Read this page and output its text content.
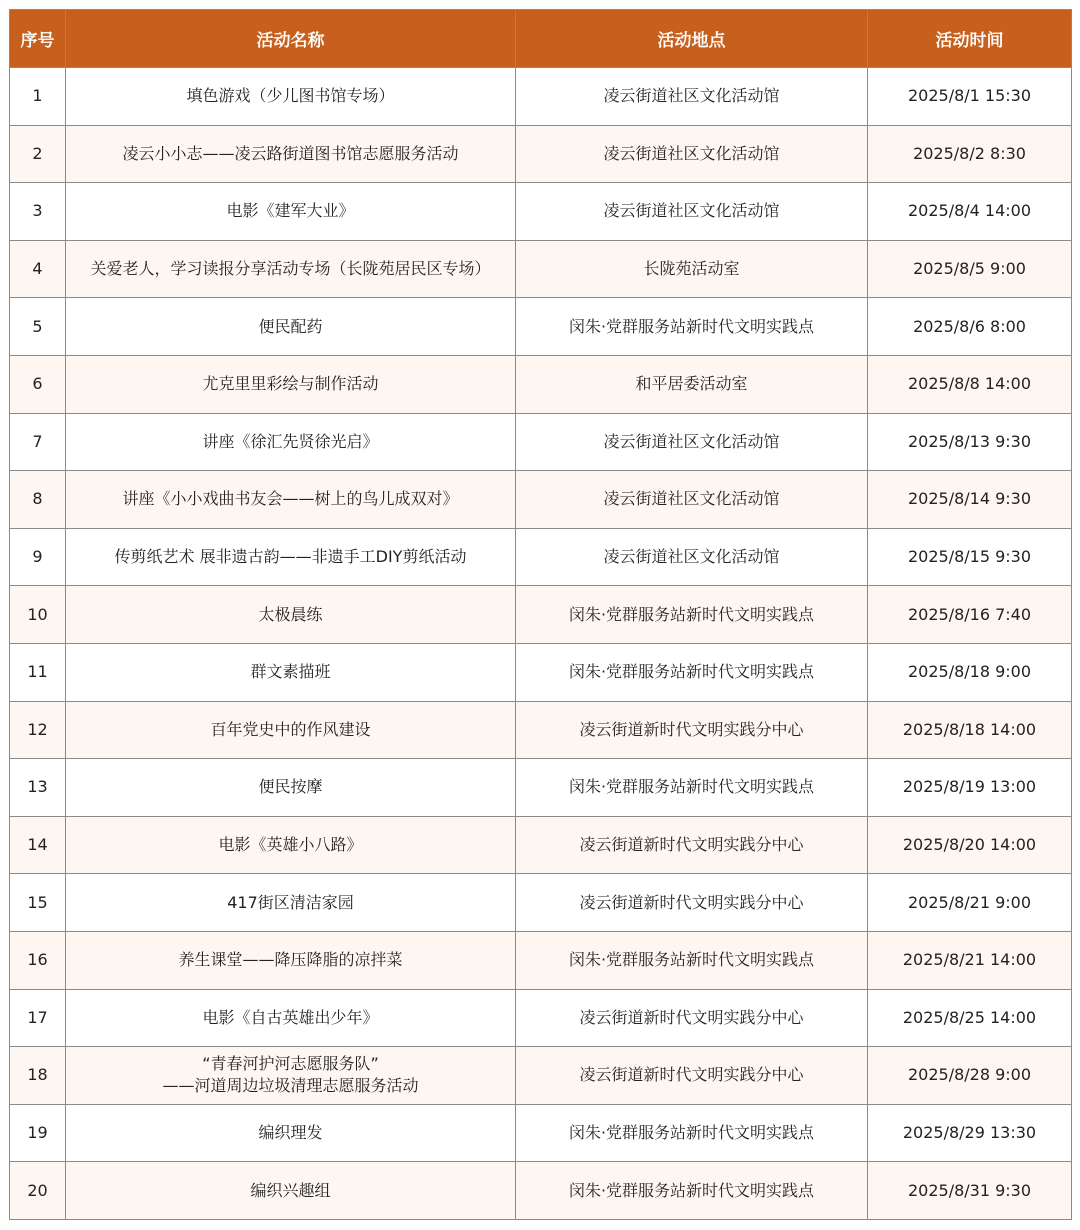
序号	活动名称	活动地点	活动时间
1	填色游戏（少儿图书馆专场）	凌云街道社区文化活动馆	2025/8/1 15:30
2	凌云小小志——凌云路街道图书馆志愿服务活动	凌云街道社区文化活动馆	2025/8/2 8:30
3	电影《建军大业》	凌云街道社区文化活动馆	2025/8/4 14:00
4	关爱老人，学习读报分享活动专场（长陇苑居民区专场）	长陇苑活动室	2025/8/5 9:00
5	便民配药	闵朱·党群服务站新时代文明实践点	2025/8/6 8:00
6	尤克里里彩绘与制作活动	和平居委活动室	2025/8/8 14:00
7	讲座《徐汇先贤徐光启》	凌云街道社区文化活动馆	2025/8/13 9:30
8	讲座《小小戏曲书友会——树上的鸟儿成双对》	凌云街道社区文化活动馆	2025/8/14 9:30
9	传剪纸艺术 展非遗古韵——非遗手工DIY剪纸活动	凌云街道社区文化活动馆	2025/8/15 9:30
10	太极晨练	闵朱·党群服务站新时代文明实践点	2025/8/16 7:40
11	群文素描班	闵朱·党群服务站新时代文明实践点	2025/8/18 9:00
12	百年党史中的作风建设	凌云街道新时代文明实践分中心	2025/8/18 14:00
13	便民按摩	闵朱·党群服务站新时代文明实践点	2025/8/19 13:00
14	电影《英雄小八路》	凌云街道新时代文明实践分中心	2025/8/20 14:00
15	417街区清洁家园	凌云街道新时代文明实践分中心	2025/8/21 9:00
16	养生课堂——降压降脂的凉拌菜	闵朱·党群服务站新时代文明实践点	2025/8/21 14:00
17	电影《自古英雄出少年》	凌云街道新时代文明实践分中心	2025/8/25 14:00
18	“青春河护河志愿服务队”
——河道周边垃圾清理志愿服务活动	凌云街道新时代文明实践分中心	2025/8/28 9:00
19	编织理发	闵朱·党群服务站新时代文明实践点	2025/8/29 13:30
20	编织兴趣组	闵朱·党群服务站新时代文明实践点	2025/8/31 9:30
